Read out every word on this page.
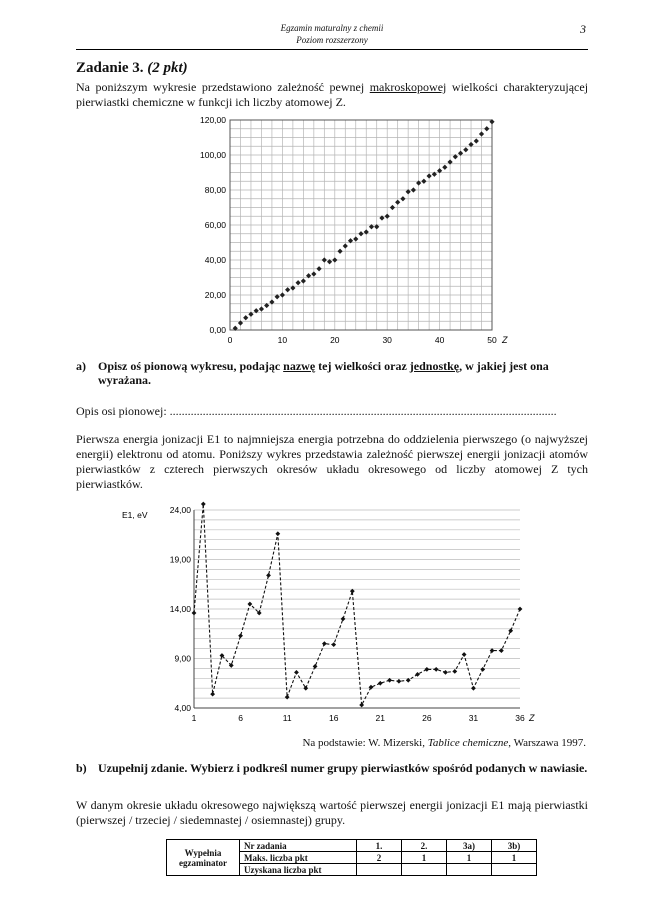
Egzamin maturalny z chemii
Poziom rozszerzony
3
Zadanie 3. (2 pkt)
Na poniższym wykresie przedstawiono zależność pewnej makroskopowej wielkości charakteryzującej pierwiastki chemiczne w funkcji ich liczby atomowej Z.
0,00
20,00
40,00
60,00
80,00
100,00
120,00
0	10	20	30	40	50 Z
a) Opisz oś pionową wykresu, podając nazwę tej wielkości oraz jednostkę, w jakiej jest ona wyrażana.
Opis osi pionowej: .................................................................................................................................
Pierwsza energia jonizacji E1 to najmniejsza energia potrzebna do oddzielenia pierwszego (o najwyższej energii) elektronu od atomu. Poniższy wykres przedstawia zależność pierwszej energii jonizacji atomów pierwiastków z czterech pierwszych okresów układu okresowego od liczby atomowej Z tych pierwiastków.
4,00
9,00
14,00
19,00
24,00
1	6	11	16	21	26	31	36 Z
E1, eV
Na podstawie: W. Mizerski, Tablice chemiczne, Warszawa 1997.
b) Uzupełnij zdanie. Wybierz i podkreśl numer grupy pierwiastków spośród podanych w nawiasie.
W danym okresie układu okresowego największą wartość pierwszej energii jonizacji E1 mają pierwiastki (pierwszej / trzeciej / siedemnastej / osiemnastej) grupy.
Wypełnia
egzaminator	Nr zadania	1.	2.	3a)	3b)
	Maks. liczba pkt	2	1	1	1
	Uzyskana liczba pkt				
